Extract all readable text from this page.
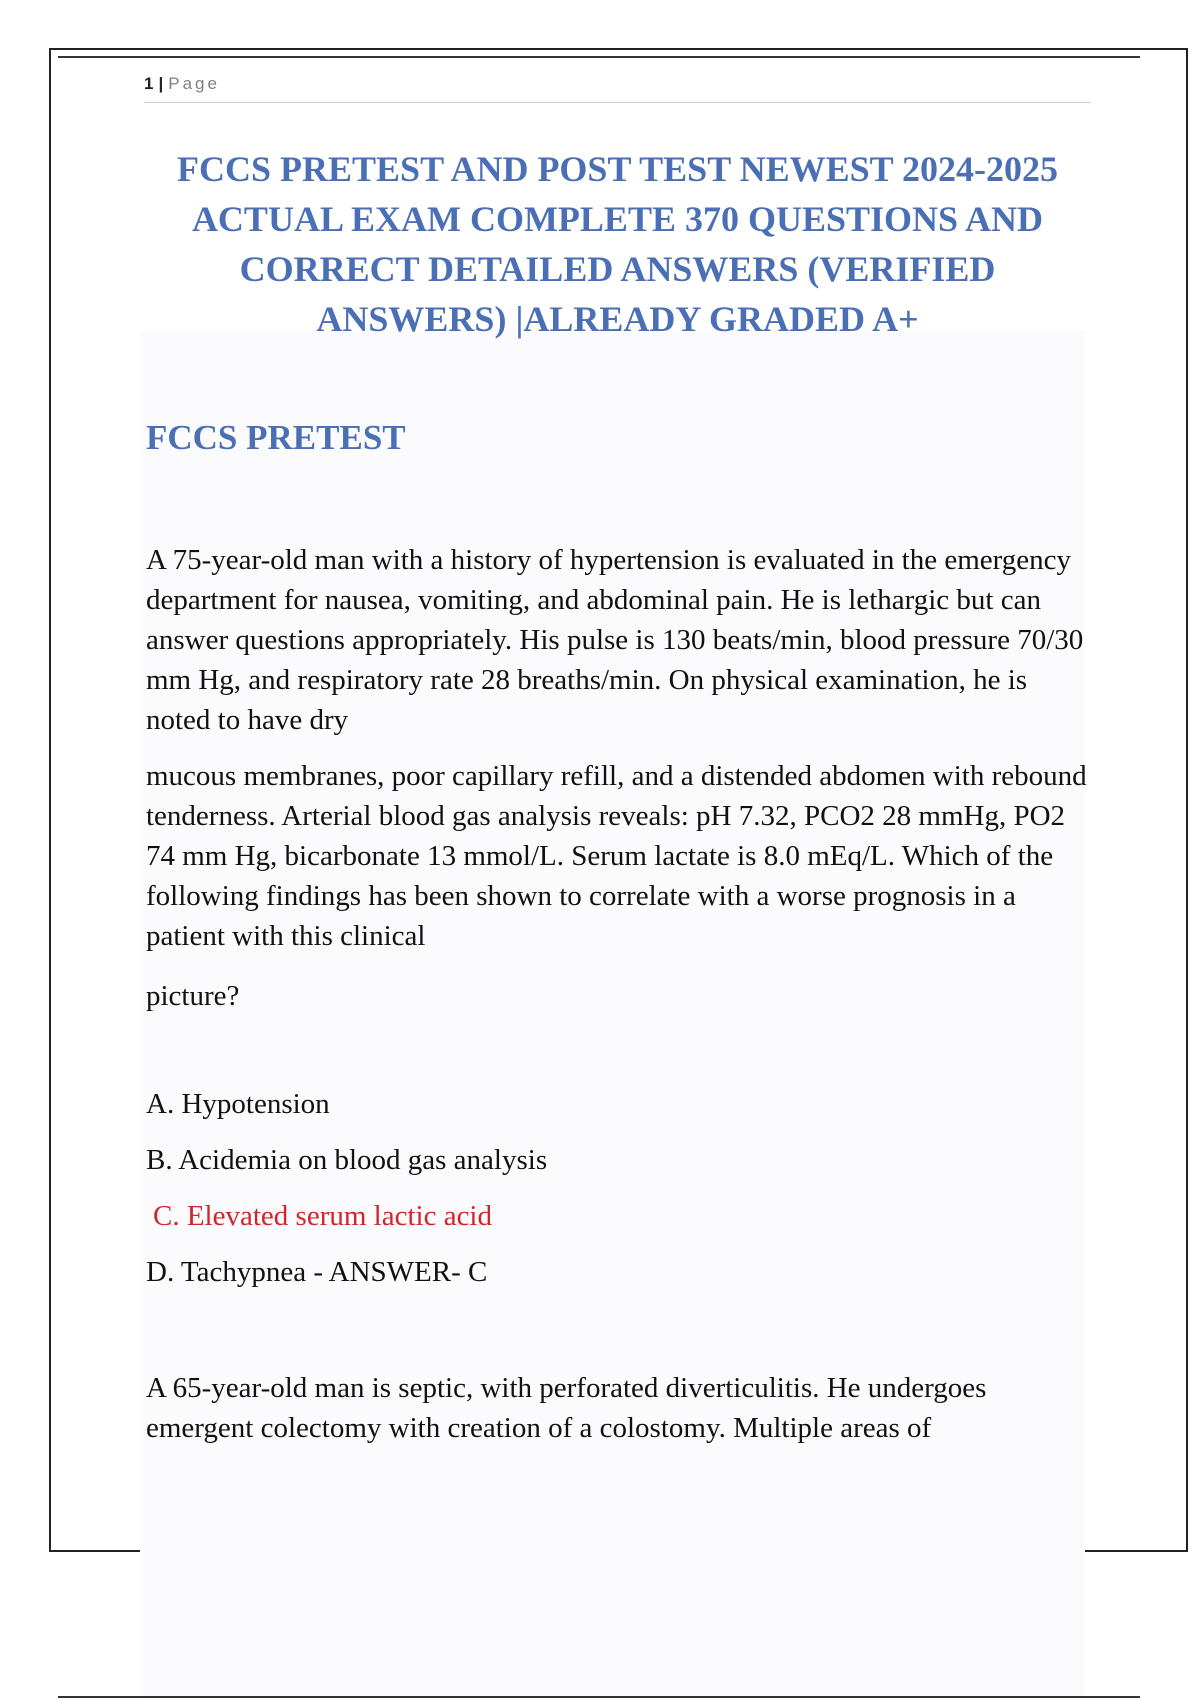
1 | Page
FCCS PRETEST AND POST TEST NEWEST 2024-2025 ACTUAL EXAM COMPLETE 370 QUESTIONS AND CORRECT DETAILED ANSWERS (VERIFIED ANSWERS) |ALREADY GRADED A+
FCCS PRETEST

A 75-year-old man with a history of hypertension is evaluated in the emergency department for nausea, vomiting, and abdominal pain. He is lethargic but can answer questions appropriately. His pulse is 130 beats/min, blood pressure 70/30 mm Hg, and respiratory rate 28 breaths/min. On physical examination, he is noted to have dry

mucous membranes, poor capillary refill, and a distended abdomen with rebound tenderness. Arterial blood gas analysis reveals: pH 7.32, PCO2 28 mmHg, PO2 74 mm Hg, bicarbonate 13 mmol/L. Serum lactate is 8.0 mEq/L. Which of the following findings has been shown to correlate with a worse prognosis in a patient with this clinical

picture?

A. Hypotension

B. Acidemia on blood gas analysis

C. Elevated serum lactic acid

D. Tachypnea - ANSWER- C

A 65-year-old man is septic, with perforated diverticulitis. He undergoes emergent colectomy with creation of a colostomy. Multiple areas of
